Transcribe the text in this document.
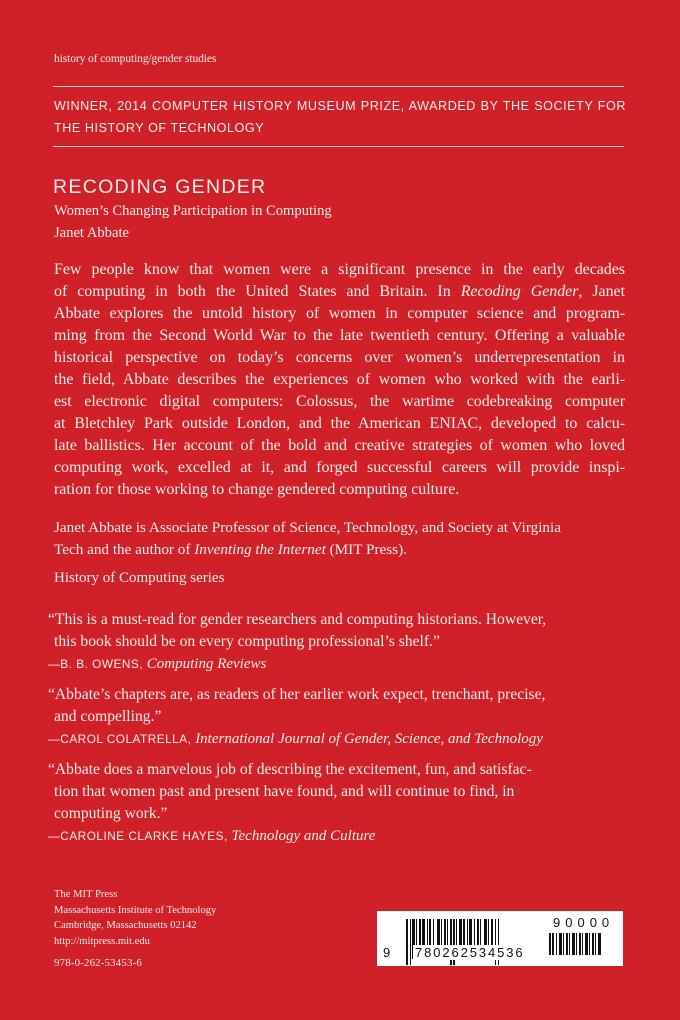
history of computing/gender studies
WINNER, 2014 COMPUTER HISTORY MUSEUM PRIZE, AWARDED BY THE SOCIETY FOR THE HISTORY OF TECHNOLOGY
RECODING GENDER
Women’s Changing Participation in Computing
Janet Abbate
Few people know that women were a significant presence in the early decades
of computing in both the United States and Britain. In Recoding Gender, Janet
Abbate explores the untold history of women in computer science and program-
ming from the Second World War to the late twentieth century. Offering a valuable
historical perspective on today’s concerns over women’s underrepresentation in
the field, Abbate describes the experiences of women who worked with the earli-
est electronic digital computers: Colossus, the wartime codebreaking computer
at Bletchley Park outside London, and the American ENIAC, developed to calcu-
late ballistics. Her account of the bold and creative strategies of women who loved
computing work, excelled at it, and forged successful careers will provide inspi-
ration for those working to change gendered computing culture.
Janet Abbate is Associate Professor of Science, Technology, and Society at Virginia
Tech and the author of Inventing the Internet (MIT Press).
History of Computing series
“This is a must-read for gender researchers and computing historians. However,
this book should be on every computing professional’s shelf.”
—B. B. OWENS, Computing Reviews
“Abbate’s chapters are, as readers of her earlier work expect, trenchant, precise,
and compelling.”
—CAROL COLATRELLA, International Journal of Gender, Science, and Technology
“Abbate does a marvelous job of describing the excitement, fun, and satisfac-
tion that women past and present have found, and will continue to find, in
computing work.”
—CAROLINE CLARKE HAYES, Technology and Culture
The MIT Press
Massachusetts Institute of Technology
Cambridge, Massachusetts 02142
http://mitpress.mit.edu
978-0-262-53453-6
9 780262534536
90000
